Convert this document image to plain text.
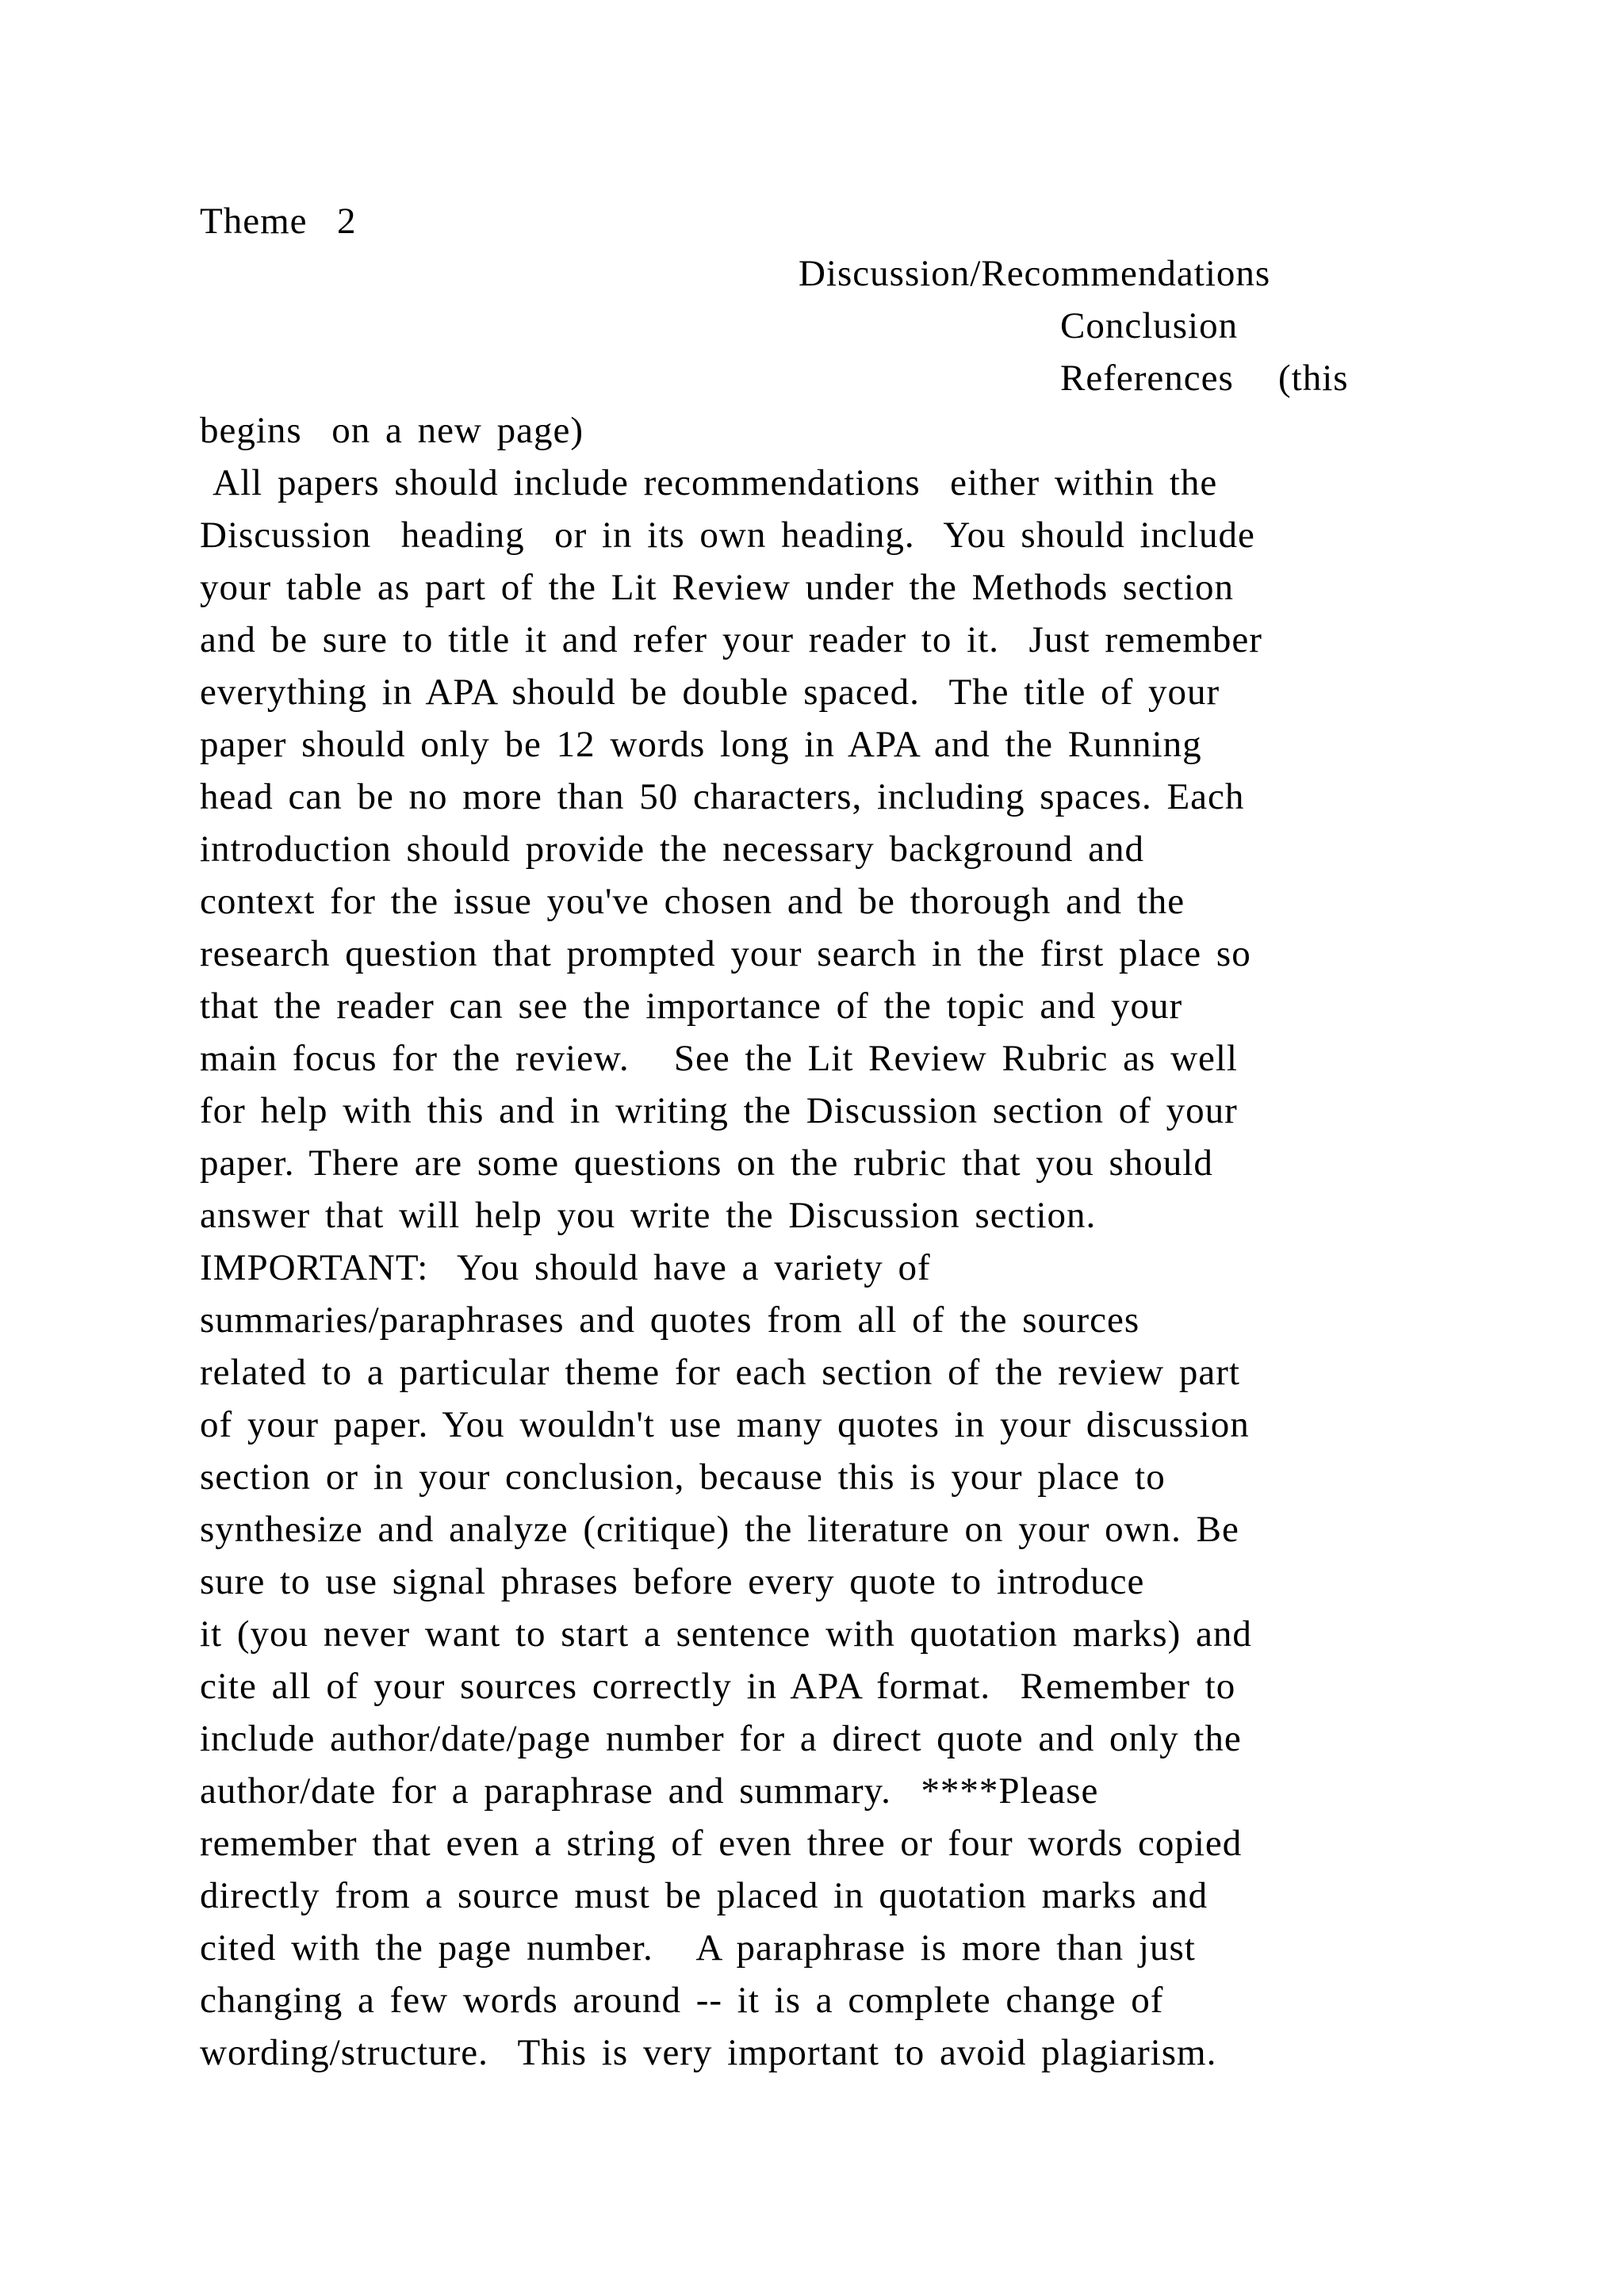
Theme  2

Discussion/Recommendations

Conclusion

References   (this

begins  on a new page)

All papers should include recommendations  either within the

Discussion  heading  or in its own heading.  You should include

your table as part of the Lit Review under the Methods section

and be sure to title it and refer your reader to it.  Just remember

everything in APA should be double spaced.  The title of your

paper should only be 12 words long in APA and the Running

head can be no more than 50 characters, including spaces. Each

introduction should provide the necessary background and

context for the issue you've chosen and be thorough and the

research question that prompted your search in the first place so

that the reader can see the importance of the topic and your

main focus for the review.   See the Lit Review Rubric as well

for help with this and in writing the Discussion section of your

paper. There are some questions on the rubric that you should

answer that will help you write the Discussion section.

IMPORTANT:  You should have a variety of

summaries/paraphrases and quotes from all of the sources

related to a particular theme for each section of the review part

of your paper. You wouldn't use many quotes in your discussion

section or in your conclusion, because this is your place to

synthesize and analyze (critique) the literature on your own. Be

sure to use signal phrases before every quote to introduce

it (you never want to start a sentence with quotation marks) and

cite all of your sources correctly in APA format.  Remember to

include author/date/page number for a direct quote and only the

author/date for a paraphrase and summary.  ****Please

remember that even a string of even three or four words copied

directly from a source must be placed in quotation marks and

cited with the page number.   A paraphrase is more than just

changing a few words around -- it is a complete change of

wording/structure.  This is very important to avoid plagiarism.
